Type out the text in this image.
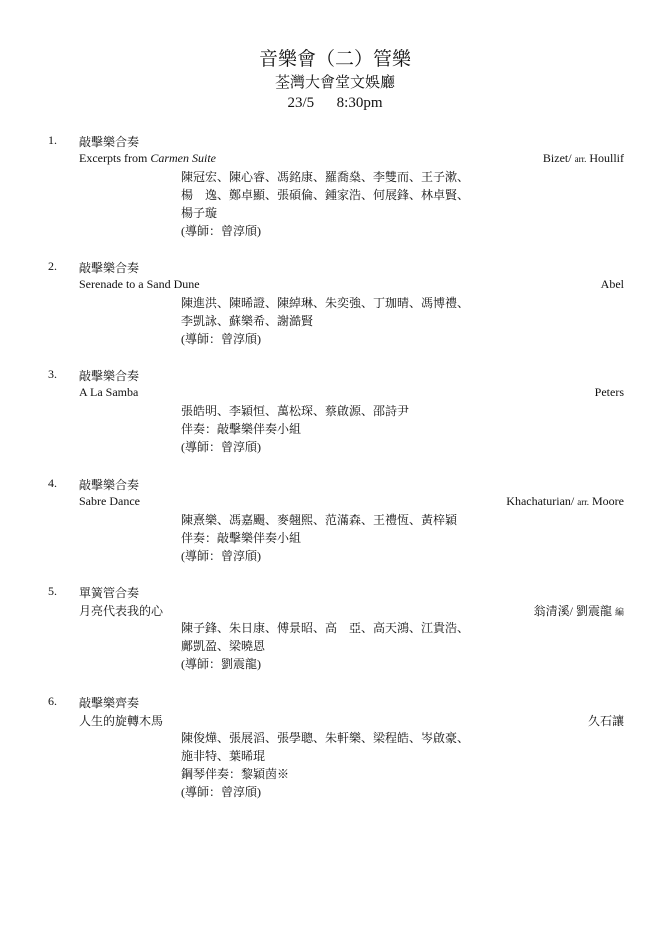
音樂會（二）管樂
荃灣大會堂文娛廳
23/5 8:30pm
1. 敲擊樂合奏
Excerpts from Carmen Suite	Bizet/ arr. Houllif
陳冠宏、陳心睿、馮銘康、羅喬燊、李雙而、王子漱、
楊　逸、鄭卓顯、張碩倫、鍾家浩、何展鋒、林卓賢、
楊子璇
(導師：曾淳頎)
2. 敲擊樂合奏
Serenade to a Sand Dune	Abel
陳進洪、陳晞證、陳綽琳、朱奕強、丁珈晴、馮博禮、
李凱詠、蘇樂希、謝澔賢
(導師：曾淳頎)
3. 敲擊樂合奏
A La Samba	Peters
張皓明、李穎恒、萬松琛、蔡啟源、邵詩尹
伴奏：敲擊樂伴奏小組
(導師：曾淳頎)
4. 敲擊樂合奏
Sabre Dance	Khachaturian/ arr. Moore
陳熹樂、馮嘉颺、麥翹熙、范滿森、王禮恆、黃梓穎
伴奏：敲擊樂伴奏小組
(導師：曾淳頎)
5. 單簧管合奏
月亮代表我的心	翁清溪/ 劉震龍 編
陳子鋒、朱日康、傅景昭、高　亞、高天鴻、江貴浩、
鄺凱盈、梁曉恩
(導師：劉震龍)
6. 敲擊樂齊奏
人生的旋轉木馬	久石讓
陳俊燁、張展滔、張學聰、朱軒樂、梁程皓、岑啟豪、
施非特、葉晞琨
鋼琴伴奏：黎穎茵※
(導師：曾淳頎)
